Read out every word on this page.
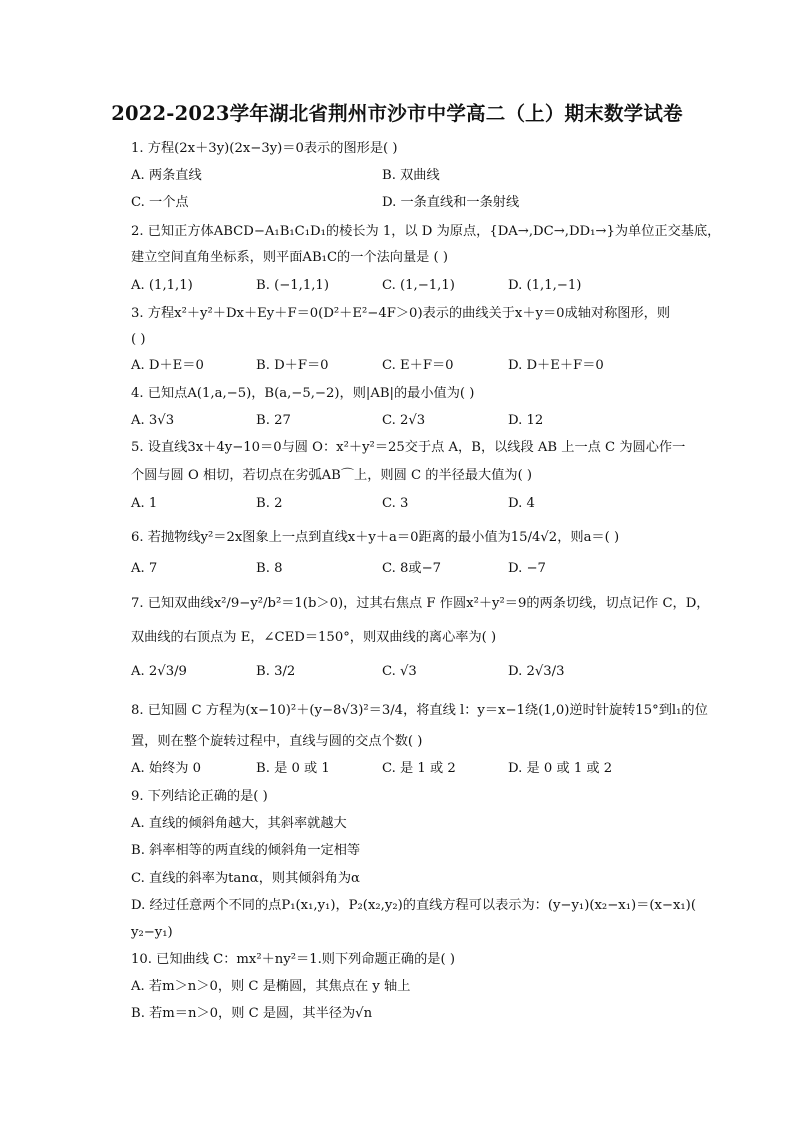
2022-2023学年湖北省荆州市沙市中学高二（上）期末数学试卷
1. 方程(2x＋3y)(2x−3y)＝0表示的图形是( )
A. 两条直线	B. 双曲线
C. 一个点	D. 一条直线和一条射线
2. 已知正方体ABCD−A₁B₁C₁D₁的棱长为 1，以 D 为原点，{DA→,DC→,DD₁→}为单位正交基底，
建立空间直角坐标系，则平面AB₁C的一个法向量是 ( )
A. (1,1,1)	B. (−1,1,1)	C. (1,−1,1)	D. (1,1,−1)
3. 方程x²＋y²＋Dx＋Ey＋F＝0(D²＋E²−4F＞0)表示的曲线关于x＋y＝0成轴对称图形，则
( )
A. D＋E＝0	B. D＋F＝0	C. E＋F＝0	D. D＋E＋F＝0
4. 已知点A(1,a,−5)，B(a,−5,−2)，则|AB|的最小值为( )
A. 3√3	B. 27	C. 2√3	D. 12
5. 设直线3x＋4y−10＝0与圆 O：x²＋y²＝25交于点 A，B，以线段 AB 上一点 C 为圆心作一
个圆与圆 O 相切，若切点在劣弧AB⌒上，则圆 C 的半径最大值为( )
A. 1	B. 2	C. 3	D. 4
6. 若抛物线y²＝2x图象上一点到直线x＋y＋a＝0距离的最小值为15/4√2，则a＝( )
A. 7	B. 8	C. 8或−7	D. −7
7. 已知双曲线x²/9−y²/b²＝1(b＞0)，过其右焦点 F 作圆x²＋y²＝9的两条切线，切点记作 C，D，
双曲线的右顶点为 E，∠CED＝150°，则双曲线的离心率为( )
A. 2√3/9	B. 3/2	C. √3	D. 2√3/3
8. 已知圆 C 方程为(x−10)²＋(y−8√3)²＝3/4，将直线 l：y＝x−1绕(1,0)逆时针旋转15°到l₁的位
置，则在整个旋转过程中，直线与圆的交点个数( )
A. 始终为 0	B. 是 0 或 1	C. 是 1 或 2	D. 是 0 或 1 或 2
9. 下列结论正确的是( )
A. 直线的倾斜角越大，其斜率就越大
B. 斜率相等的两直线的倾斜角一定相等
C. 直线的斜率为tanα，则其倾斜角为α
D. 经过任意两个不同的点P₁(x₁,y₁)，P₂(x₂,y₂)的直线方程可以表示为：(y−y₁)(x₂−x₁)＝(x−x₁)(
y₂−y₁)
10. 已知曲线 C：mx²＋ny²＝1.则下列命题正确的是( )
A. 若m＞n＞0，则 C 是椭圆，其焦点在 y 轴上
B. 若m＝n＞0，则 C 是圆，其半径为√n
